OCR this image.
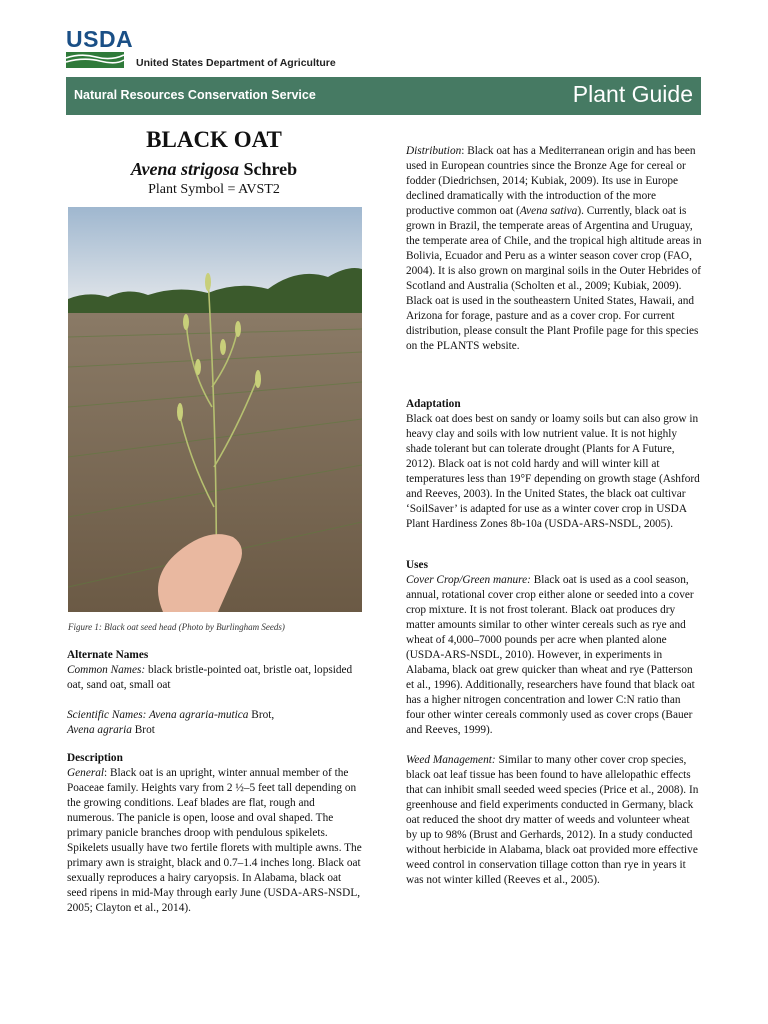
USDA
United States Department of Agriculture
Natural Resources Conservation Service	Plant Guide
BLACK OAT
Avena strigosa Schreb
Plant Symbol = AVST2
Figure 1: Black oat seed head (Photo by Burlingham Seeds)

Alternate Names

Common Names: black bristle-pointed oat, bristle oat, lopsided oat, sand oat, small oat

Scientific Names: Avena agraria-mutica Brot,
Avena agraria Brot

Description

General: Black oat is an upright, winter annual member of the Poaceae family. Heights vary from 2 ½–5 feet tall depending on the growing conditions. Leaf blades are flat, rough and numerous. The panicle is open, loose and oval shaped. The primary panicle branches droop with pendulous spikelets. Spikelets usually have two fertile florets with multiple awns. The primary awn is straight, black and 0.7–1.4 inches long. Black oat sexually reproduces a hairy caryopsis. In Alabama, black oat seed ripens in mid-May through early June (USDA-ARS-NSDL, 2005; Clayton et al., 2014).

Distribution: Black oat has a Mediterranean origin and has been used in European countries since the Bronze Age for cereal or fodder (Diedrichsen, 2014; Kubiak, 2009). Its use in Europe declined dramatically with the introduction of the more productive common oat (Avena sativa). Currently, black oat is grown in Brazil, the temperate areas of Argentina and Uruguay, the temperate area of Chile, and the tropical high altitude areas in Bolivia, Ecuador and Peru as a winter season cover crop (FAO, 2004). It is also grown on marginal soils in the Outer Hebrides of Scotland and Australia (Scholten et al., 2009; Kubiak, 2009). Black oat is used in the southeastern United States, Hawaii, and Arizona for forage, pasture and as a cover crop. For current distribution, please consult the Plant Profile page for this species on the PLANTS website.

Adaptation

Black oat does best on sandy or loamy soils but can also grow in heavy clay and soils with low nutrient value. It is not highly shade tolerant but can tolerate drought (Plants for A Future, 2012). Black oat is not cold hardy and will winter kill at temperatures less than 19°F depending on growth stage (Ashford and Reeves, 2003). In the United States, the black oat cultivar ‘SoilSaver’ is adapted for use as a winter cover crop in USDA Plant Hardiness Zones 8b-10a (USDA-ARS-NSDL, 2005).

Uses

Cover Crop/Green manure: Black oat is used as a cool season, annual, rotational cover crop either alone or seeded into a cover crop mixture. It is not frost tolerant. Black oat produces dry matter amounts similar to other winter cereals such as rye and wheat of 4,000–7000 pounds per acre when planted alone (USDA-ARS-NSDL, 2010). However, in experiments in Alabama, black oat grew quicker than wheat and rye (Patterson et al., 1996). Additionally, researchers have found that black oat has a higher nitrogen concentration and lower C:N ratio than four other winter cereals commonly used as cover crops (Bauer and Reeves, 1999).

Weed Management: Similar to many other cover crop species, black oat leaf tissue has been found to have allelopathic effects that can inhibit small seeded weed species (Price et al., 2008). In greenhouse and field experiments conducted in Germany, black oat reduced the shoot dry matter of weeds and volunteer wheat by up to 98% (Brust and Gerhards, 2012). In a study conducted without herbicide in Alabama, black oat provided more effective weed control in conservation tillage cotton than rye in years it was not winter killed (Reeves et al., 2005).
